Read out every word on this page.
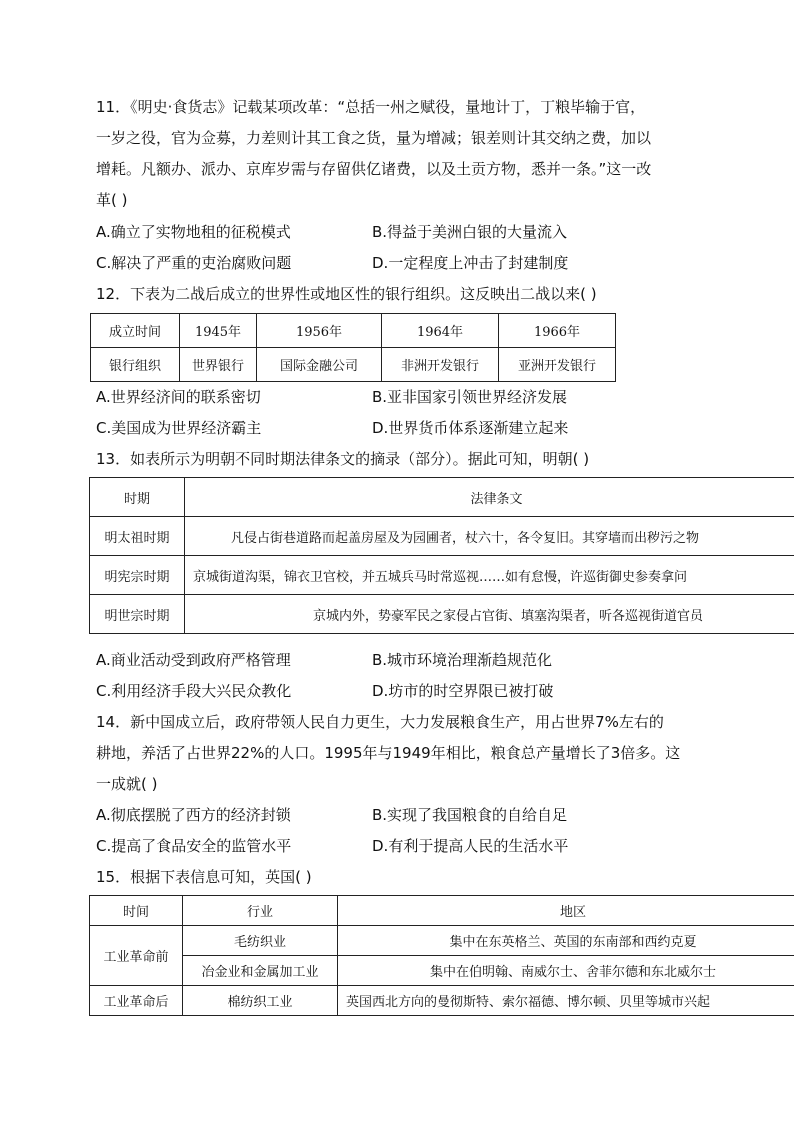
11．《明史·食货志》记载某项改革：“总括一州之赋役，量地计丁，丁粮毕输于官，
一岁之役，官为佥募，力差则计其工食之货，量为增减；银差则计其交纳之费，加以
增耗。凡额办、派办、京库岁需与存留供亿诸费，以及土贡方物，悉并一条。”这一改
革( )
A.确立了实物地租的征税模式	B.得益于美洲白银的大量流入
C.解决了严重的吏治腐败问题	D.一定程度上冲击了封建制度
12．下表为二战后成立的世界性或地区性的银行组织。这反映出二战以来( )
成立时间	1945年	1956年	1964年	1966年
银行组织	世界银行	国际金融公司	非洲开发银行	亚洲开发银行
A.世界经济间的联系密切	B.亚非国家引领世界经济发展
C.美国成为世界经济霸主	D.世界货币体系逐渐建立起来
13．如表所示为明朝不同时期法律条文的摘录（部分）。据此可知，明朝( )
时期	法律条文
明太祖时期	凡侵占街巷道路而起盖房屋及为园圃者，杖六十，各令复旧。其穿墙而出秽污之物
明宪宗时期	京城街道沟渠，锦衣卫官校，并五城兵马时常巡视……如有怠慢，许巡街御史参奏拿问
明世宗时期	京城内外，势豪军民之家侵占官街、填塞沟渠者，听各巡视街道官员
A.商业活动受到政府严格管理	B.城市环境治理渐趋规范化
C.利用经济手段大兴民众教化	D.坊市的时空界限已被打破
14．新中国成立后，政府带领人民自力更生，大力发展粮食生产，用占世界7%左右的
耕地，养活了占世界22%的人口。1995年与1949年相比，粮食总产量增长了3倍多。这
一成就( )
A.彻底摆脱了西方的经济封锁	B.实现了我国粮食的自给自足
C.提高了食品安全的监管水平	D.有利于提高人民的生活水平
15．根据下表信息可知，英国( )
时间	行业	地区
工业革命前	毛纺织业	集中在东英格兰、英国的东南部和西约克夏
	冶金业和金属加工业	集中在伯明翰、南威尔士、舍菲尔德和东北威尔士
工业革命后	棉纺织工业	英国西北方向的曼彻斯特、索尔福德、博尔顿、贝里等城市兴起
